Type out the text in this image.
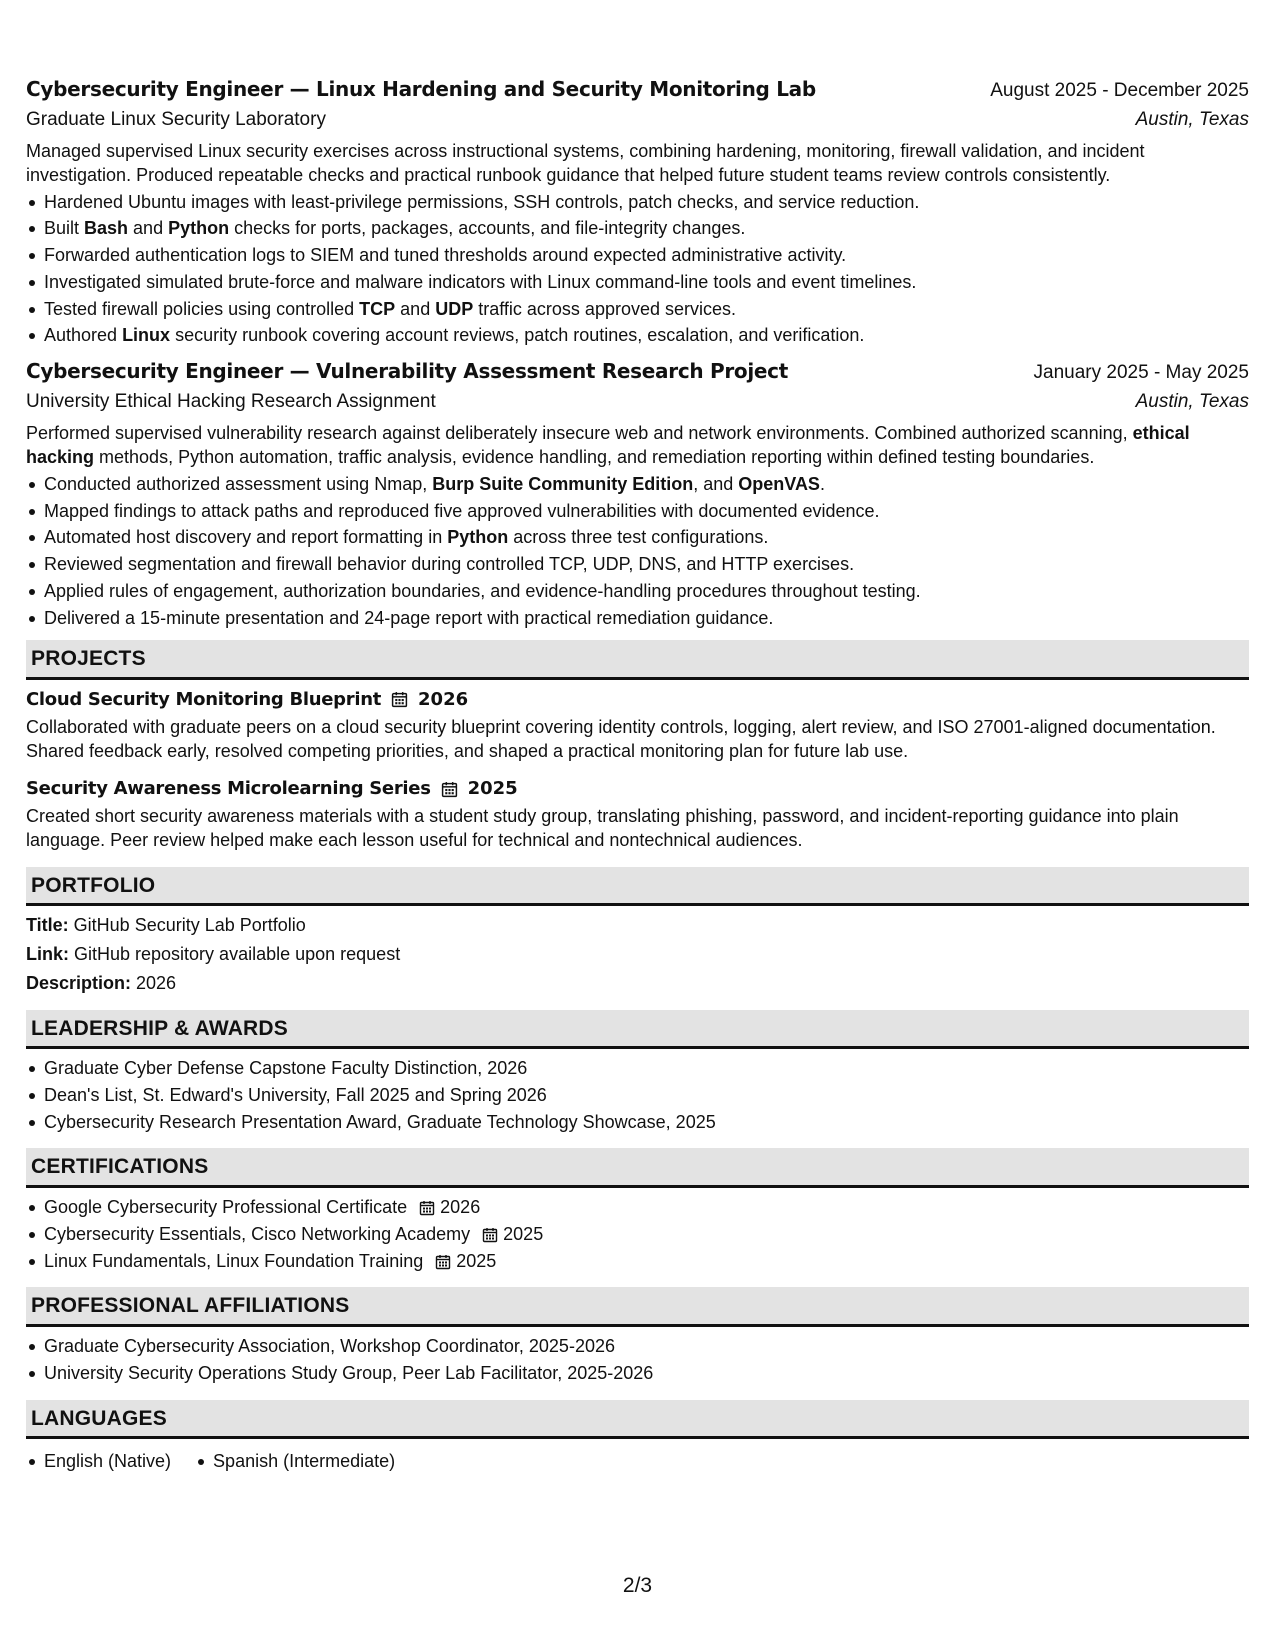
Cybersecurity Engineer — Linux Hardening and Security Monitoring Lab	August 2025 - December 2025
Graduate Linux Security Laboratory	Austin, Texas

Managed supervised Linux security exercises across instructional systems, combining hardening, monitoring, firewall validation, and incident investigation. Produced repeatable checks and practical runbook guidance that helped future student teams review controls consistently.

Hardened Ubuntu images with least-privilege permissions, SSH controls, patch checks, and service reduction.
Built Bash and Python checks for ports, packages, accounts, and file-integrity changes.
Forwarded authentication logs to SIEM and tuned thresholds around expected administrative activity.
Investigated simulated brute-force and malware indicators with Linux command-line tools and event timelines.
Tested firewall policies using controlled TCP and UDP traffic across approved services.
Authored Linux security runbook covering account reviews, patch routines, escalation, and verification.
Cybersecurity Engineer — Vulnerability Assessment Research Project	January 2025 - May 2025
University Ethical Hacking Research Assignment	Austin, Texas

Performed supervised vulnerability research against deliberately insecure web and network environments. Combined authorized scanning, ethical hacking methods, Python automation, traffic analysis, evidence handling, and remediation reporting within defined testing boundaries.

Conducted authorized assessment using Nmap, Burp Suite Community Edition, and OpenVAS.
Mapped findings to attack paths and reproduced five approved vulnerabilities with documented evidence.
Automated host discovery and report formatting in Python across three test configurations.
Reviewed segmentation and firewall behavior during controlled TCP, UDP, DNS, and HTTP exercises.
Applied rules of engagement, authorization boundaries, and evidence-handling procedures throughout testing.
Delivered a 15-minute presentation and 24-page report with practical remediation guidance.
PROJECTS
Cloud Security Monitoring Blueprint 2026

Collaborated with graduate peers on a cloud security blueprint covering identity controls, logging, alert review, and ISO 27001-aligned documentation. Shared feedback early, resolved competing priorities, and shaped a practical monitoring plan for future lab use.

Security Awareness Microlearning Series 2025

Created short security awareness materials with a student study group, translating phishing, password, and incident-reporting guidance into plain language. Peer review helped make each lesson useful for technical and nontechnical audiences.

PORTFOLIO

Title: GitHub Security Lab Portfolio

Link: GitHub repository available upon request

Description: 2026

LEADERSHIP & AWARDS
Graduate Cyber Defense Capstone Faculty Distinction, 2026
Dean's List, St. Edward's University, Fall 2025 and Spring 2026
Cybersecurity Research Presentation Award, Graduate Technology Showcase, 2025
CERTIFICATIONS
Google Cybersecurity Professional Certificate 2026
Cybersecurity Essentials, Cisco Networking Academy 2025
Linux Fundamentals, Linux Foundation Training 2025
PROFESSIONAL AFFILIATIONS
Graduate Cybersecurity Association, Workshop Coordinator, 2025-2026
University Security Operations Study Group, Peer Lab Facilitator, 2025-2026
LANGUAGES
English (Native)	Spanish (Intermediate)
2/3
